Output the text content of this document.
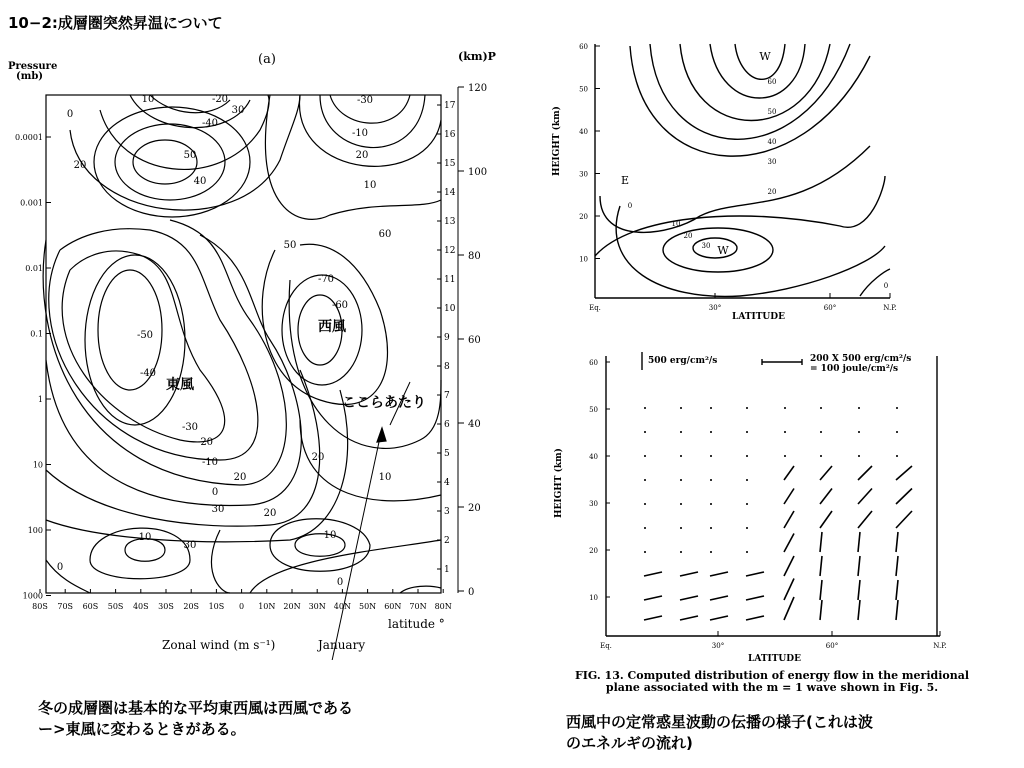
10−2:成層圏突然昇温について
0.0001
0.001
0.01
0.1
1
10
100
1000
17
16
15
14
13
12
11
10
9
8
7
6
5
4
3
2
1
120
100
80
60
40
20
0
80S 70S 60S 50S 40S 30S 20S 10S 0 10N 20N 30N 40N 50N 60N 70N 80N
10	-20
30
-40
0
20
50
40
-30
-10
20
10
50
60
-70
-60
-50
-40
-30
-20
-10
0
30
20	10
20
10
30
10
0
20
0
Pressure
(mb)
(a)	(km)P
latitude °
Zonal wind (m s⁻¹)	January
西風
東風
ここらあたり
60
50
40
30
20
10
Eq.	30°	60°	N.P.
W
E
W
60
50
40
30
20
0
10
20
30
0
HEIGHT (km)
LATITUDE
60
50
40
30
20
10
Eq.	30°	60°	N.P.
500 erg/cm²/s	200 X 500 erg/cm²/s
= 100 joule/cm²/s
HEIGHT (km)
LATITUDE
FIG. 13. Computed distribution of energy flow in the meridional
plane associated with the m = 1 wave shown in Fig. 5.
冬の成層圏は基本的な平均東西風は西風である
ー>東風に変わるときがある。	西風中の定常惑星波動の伝播の様子(これは波
のエネルギの流れ)
